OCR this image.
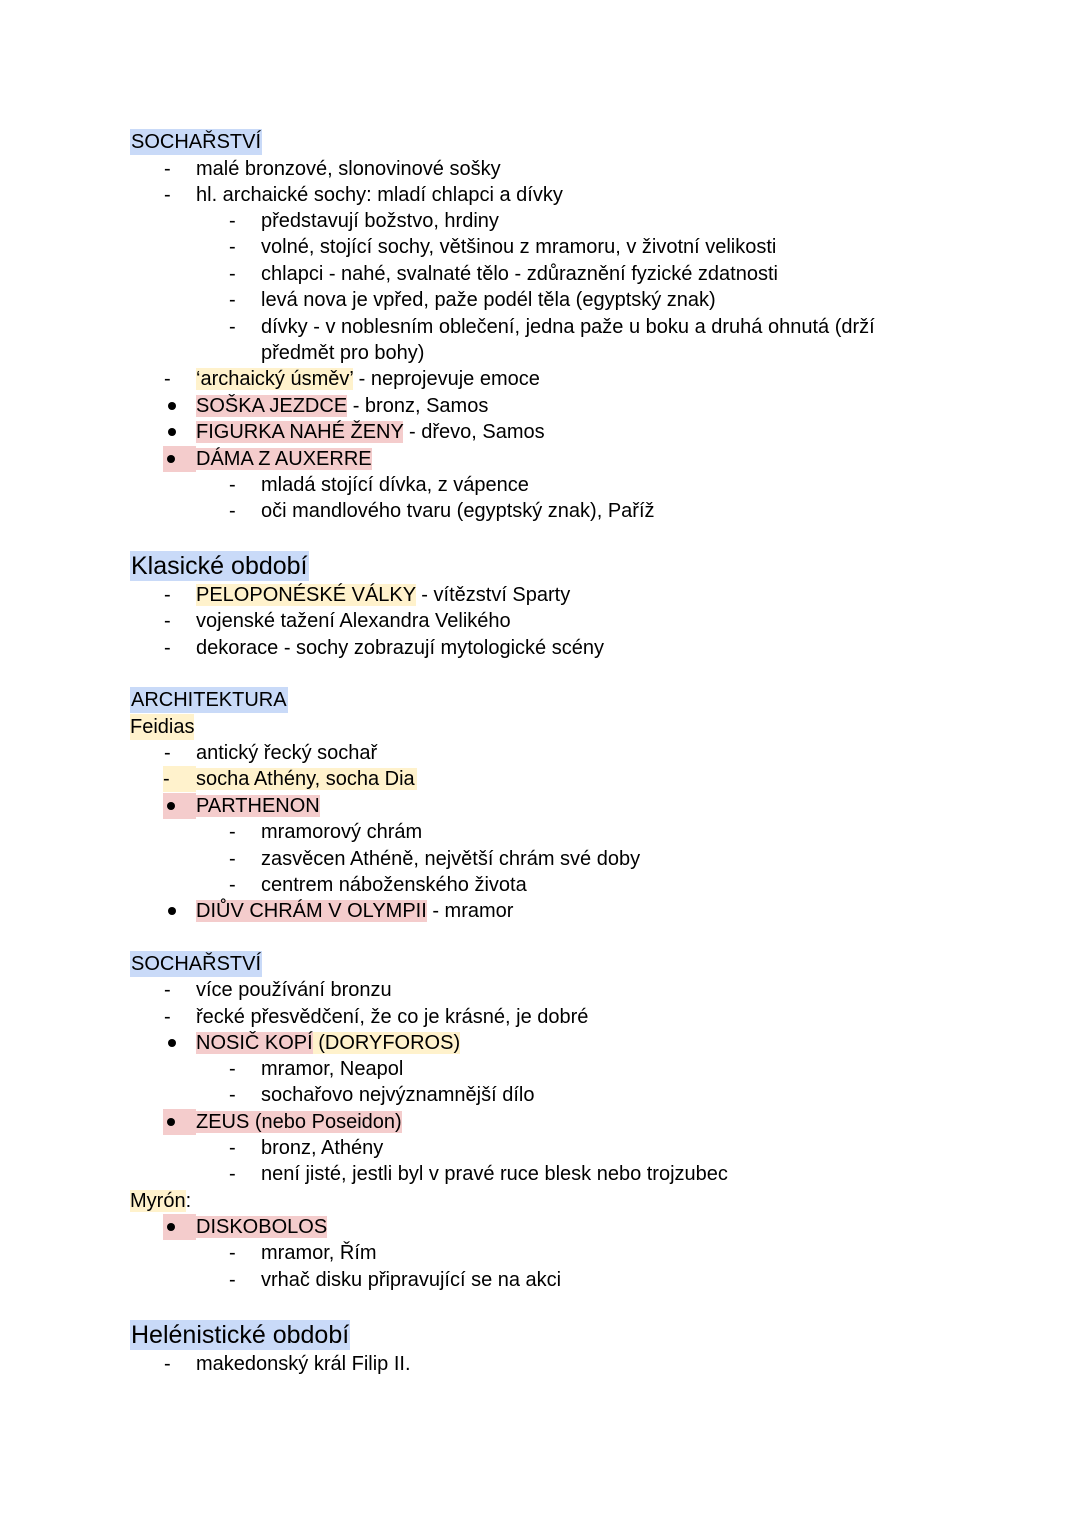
SOCHAŘSTVÍ
-
malé bronzové, slonovinové sošky
-
hl. archaické sochy: mladí chlapci a dívky
-
představují božstvo, hrdiny
-
volné, stojící sochy, většinou z mramoru, v životní velikosti
-
chlapci - nahé, svalnaté tělo - zdůraznění fyzické zdatnosti
-
levá nova je vpřed, paže podél těla (egyptský znak)
-
dívky - v noblesním oblečení, jedna paže u boku a druhá ohnutá (drží
předmět pro bohy)
-
‘archaický úsměv’ - neprojevuje emoce
SOŠKA JEZDCE - bronz, Samos
FIGURKA NAHÉ ŽENY - dřevo, Samos
DÁMA Z AUXERRE
-
mladá stojící dívka, z vápence
-
oči mandlového tvaru (egyptský znak), Paříž
Klasické období
-
PELOPONÉSKÉ VÁLKY - vítězství Sparty
-
vojenské tažení Alexandra Velikého
-
dekorace - sochy zobrazují mytologické scény
ARCHITEKTURA
Feidias
-
antický řecký sochař
-
socha Athény, socha Dia
PARTHENON
-
mramorový chrám
-
zasvěcen Athéně, největší chrám své doby
-
centrem náboženského života
DIŮV CHRÁM V OLYMPII - mramor
SOCHAŘSTVÍ
-
více používání bronzu
-
řecké přesvědčení, že co je krásné, je dobré
NOSIČ KOPÍ (DORYFOROS)
-
mramor, Neapol
-
sochařovo nejvýznamnější dílo
ZEUS (nebo Poseidon)
-
bronz, Athény
-
není jisté, jestli byl v pravé ruce blesk nebo trojzubec
Myrón:
DISKOBOLOS
-
mramor, Řím
-
vrhač disku připravující se na akci
Helénistické období
-
makedonský král Filip II.
